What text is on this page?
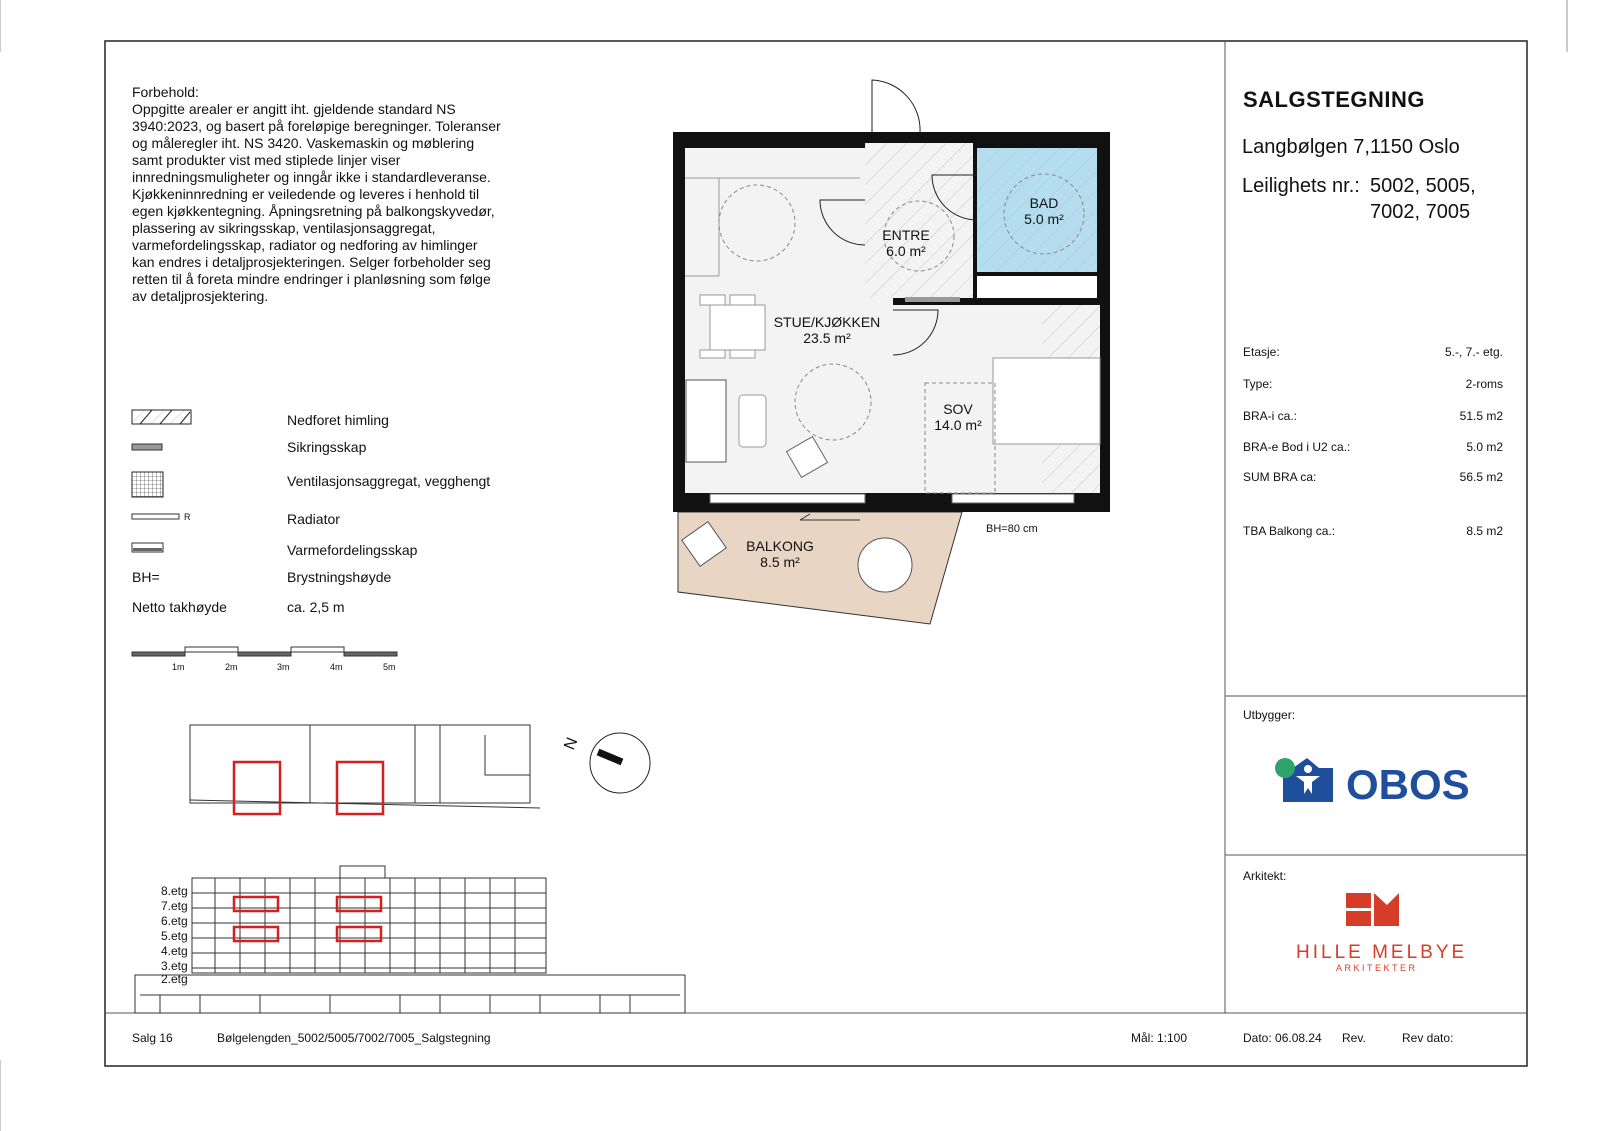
OBOS

Forbehold:

Oppgitte arealer er angitt iht. gjeldende standard NS 3940:2023, og basert på foreløpige beregninger. Toleranser og måleregler iht. NS 3420. Vaskemaskin og møblering samt produkter vist med stiplede linjer viser innredningsmuligheter og inngår ikke i standardleveranse. Kjøkkeninnredning er veiledende og leveres i henhold til egen kjøkkentegning. Åpningsretning på balkongskyvedør, plassering av sikringsskap, ventilasjonsaggregat, varmefordelingsskap, radiator og nedforing av himlinger kan endres i detaljprosjekteringen. Selger forbeholder seg retten til å foreta mindre endringer i planløsning som følge av detaljprosjektering.

Nedforet himling
Sikringsskap
Ventilasjonsaggregat, vegghengt
R	Radiator
Varmefordelingsskap
BH=	Brystningshøyde
Netto takhøyde	ca. 2,5 m
1m	2m	3m	4m	5m
STUE/KJØKKEN
23.5 m²
ENTRE
6.0 m²
BAD
5.0 m²
SOV
14.0 m²
BALKONG
8.5 m²
BH=80 cm
N
8.etg
7.etg
6.etg
5.etg
4.etg
3.etg
2.etg
SALGSTEGNING
Langbølgen 7, 1150 Oslo
Leilighets nr.: 5002, 5005,
7002, 7005
Etasje:	5.-, 7.- etg.
Type:	2-roms
BRA-i ca.:	51.5 m2
BRA-e Bod i U2 ca.:	5.0 m2
SUM BRA ca:	56.5 m2
TBA Balkong ca.:	8.5 m2
Utbygger:
Arkitekt:
HILLE MELBYE
ARKITEKTER
Salg 16	Bølgelengden_5002/5005/7002/7005_Salgstegning	Mål: 1:100	Dato: 06.08.24 Rev.	Rev dato:
